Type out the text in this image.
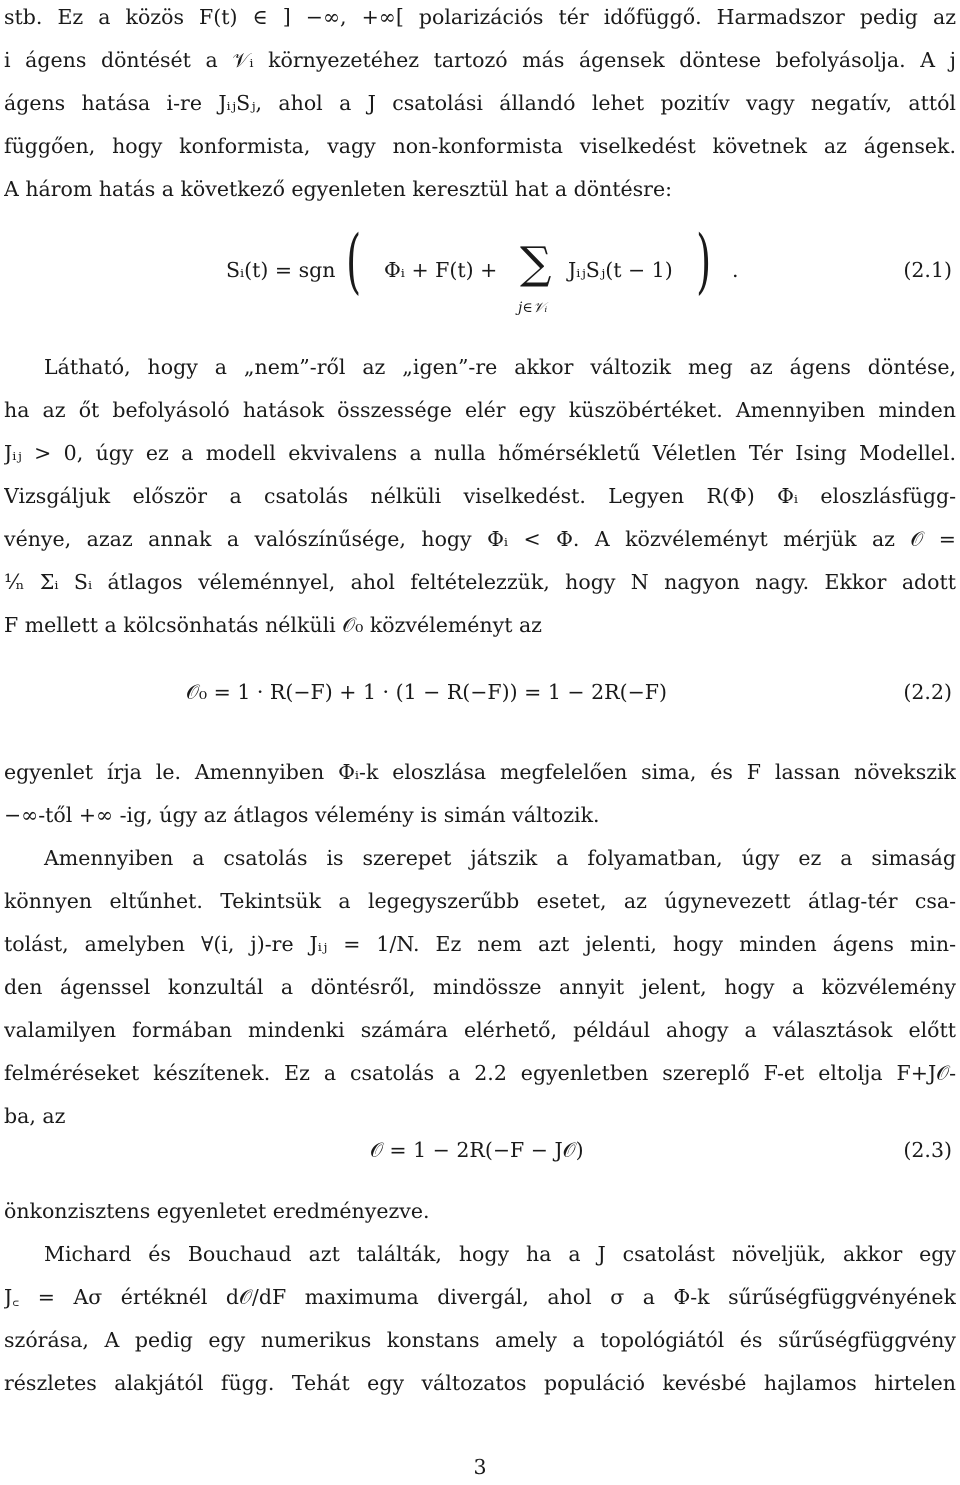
stb. Ez a közös F(t) ∈ ] −∞, +∞[ polarizációs tér időfüggő. Harmadszor pedig az
i ágens döntését a 𝒱ᵢ környezetéhez tartozó más ágensek döntese befolyásolja. A j
ágens hatása i-re JᵢⱼSⱼ, ahol a J csatolási állandó lehet pozitív vagy negatív, attól
függően, hogy konformista, vagy non-konformista viselkedést követnek az ágensek.
A három hatás a következő egyenleten keresztül hat a döntésre:
Sᵢ(t) = sgn ( Φᵢ + F(t) + ∑
j∈𝒱ᵢ
JᵢⱼSⱼ(t − 1) ) .	(2.1)
Látható, hogy a „nem”-ről az „igen”-re akkor változik meg az ágens döntése,
ha az őt befolyásoló hatások összessége elér egy küszöbértéket. Amennyiben minden
Jᵢⱼ > 0, úgy ez a modell ekvivalens a nulla hőmérsékletű Véletlen Tér Ising Modellel.
Vizsgáljuk először a csatolás nélküli viselkedést. Legyen R(Φ) Φᵢ eloszlásfügg-
vénye, azaz annak a valószínűsége, hogy Φᵢ < Φ. A közvéleményt mérjük az 𝒪 =
¹⁄ₙ Σᵢ Sᵢ átlagos véleménnyel, ahol feltételezzük, hogy N nagyon nagy. Ekkor adott
F mellett a kölcsönhatás nélküli 𝒪₀ közvéleményt az
𝒪₀ = 1 · R(−F) + 1 · (1 − R(−F)) = 1 − 2R(−F)	(2.2)
egyenlet írja le. Amennyiben Φᵢ-k eloszlása megfelelően sima, és F lassan növekszik
−∞-től +∞ -ig, úgy az átlagos vélemény is simán változik.
Amennyiben a csatolás is szerepet játszik a folyamatban, úgy ez a simaság
könnyen eltűnhet. Tekintsük a legegyszerűbb esetet, az úgynevezett átlag-tér csa-
tolást, amelyben ∀(i, j)-re Jᵢⱼ = 1/N. Ez nem azt jelenti, hogy minden ágens min-
den ágenssel konzultál a döntésről, mindössze annyit jelent, hogy a közvélemény
valamilyen formában mindenki számára elérhető, például ahogy a választások előtt
felméréseket készítenek. Ez a csatolás a 2.2 egyenletben szereplő F-et eltolja F+J𝒪-
ba, az
𝒪 = 1 − 2R(−F − J𝒪)	(2.3)
önkonzisztens egyenletet eredményezve.
Michard és Bouchaud azt találták, hogy ha a J csatolást növeljük, akkor egy
J꜀ = Aσ értéknél d𝒪/dF maximuma divergál, ahol σ a Φ-k sűrűségfüggvényének
szórása, A pedig egy numerikus konstans amely a topológiától és sűrűségfüggvény
részletes alakjától függ. Tehát egy változatos populáció kevésbé hajlamos hirtelen
3
